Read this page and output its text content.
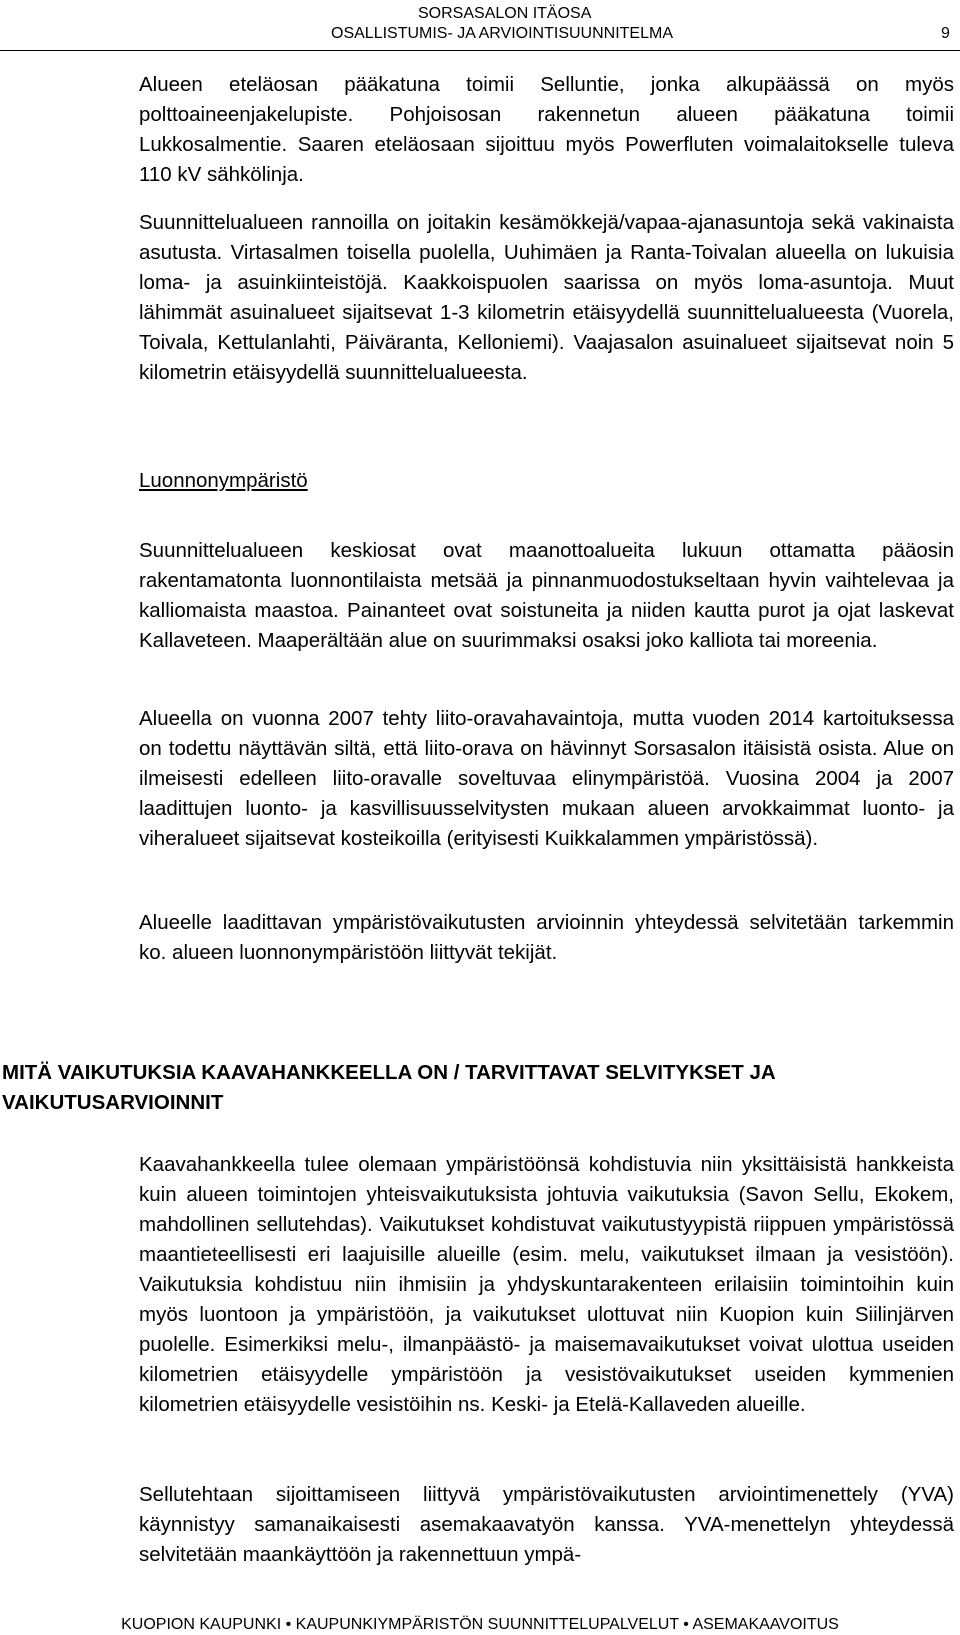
SORSASALON ITÄOSA
OSALLISTUMIS- JA ARVIOINTISUUNNITELMA	9

Alueen eteläosan pääkatuna toimii Selluntie, jonka alkupäässä on myös polttoaineenjakelupiste. Pohjoisosan rakennetun alueen pääkatuna toimii Lukkosalmentie. Saaren eteläosaan sijoittuu myös Powerfluten voimalaitokselle tuleva 110 kV sähkölinja.

Suunnittelualueen rannoilla on joitakin kesämökkejä/vapaa-ajanasuntoja sekä vakinaista asutusta. Virtasalmen toisella puolella, Uuhimäen ja Ranta-Toivalan alueella on lukuisia loma- ja asuinkiinteistöjä. Kaakkoispuolen saarissa on myös loma-asuntoja. Muut lähimmät asuinalueet sijaitsevat 1-3 kilometrin etäisyydellä suunnittelualueesta (Vuorela, Toivala, Kettulanlahti, Päiväranta, Kelloniemi). Vaajasalon asuinalueet sijaitsevat noin 5 kilometrin etäisyydellä suunnittelualueesta.

Luonnonympäristö

Suunnittelualueen keskiosat ovat maanottoalueita lukuun ottamatta pääosin rakentamatonta luonnontilaista metsää ja pinnanmuodostukseltaan hyvin vaihtelevaa ja kalliomaista maastoa. Painanteet ovat soistuneita ja niiden kautta purot ja ojat laskevat Kallaveteen. Maaperältään alue on suurimmaksi osaksi joko kalliota tai moreenia.

Alueella on vuonna 2007 tehty liito-oravahavaintoja, mutta vuoden 2014 kartoituksessa on todettu näyttävän siltä, että liito-orava on hävinnyt Sorsasalon itäisistä osista. Alue on ilmeisesti edelleen liito-oravalle soveltuvaa elinympäristöä. Vuosina 2004 ja 2007 laadittujen luonto- ja kasvillisuusselvitysten mukaan alueen arvokkaimmat luonto- ja viheralueet sijaitsevat kosteikoilla (erityisesti Kuikkalammen ympäristössä).

Alueelle laadittavan ympäristövaikutusten arvioinnin yhteydessä selvitetään tarkemmin ko. alueen luonnonympäristöön liittyvät tekijät.

MITÄ VAIKUTUKSIA KAAVAHANKKEELLA ON / TARVITTAVAT SELVITYKSET JA VAIKUTUSARVIOINNIT

Kaavahankkeella tulee olemaan ympäristöönsä kohdistuvia niin yksittäisistä hankkeista kuin alueen toimintojen yhteisvaikutuksista johtuvia vaikutuksia (Savon Sellu, Ekokem, mahdollinen sellutehdas). Vaikutukset kohdistuvat vaikutustyypistä riippuen ympäristössä maantieteellisesti eri laajuisille alueille (esim. melu, vaikutukset ilmaan ja vesistöön). Vaikutuksia kohdistuu niin ihmisiin ja yhdyskuntarakenteen erilaisiin toimintoihin kuin myös luontoon ja ympäristöön, ja vaikutukset ulottuvat niin Kuopion kuin Siilinjärven puolelle. Esimerkiksi melu-, ilmanpäästö- ja maisemavaikutukset voivat ulottua useiden kilometrien etäisyydelle ympäristöön ja vesistövaikutukset useiden kymmenien kilometrien etäisyydelle vesistöihin ns. Keski- ja Etelä-Kallaveden alueille.

Sellutehtaan sijoittamiseen liittyvä ympäristövaikutusten arviointimenettely (YVA) käynnistyy samanaikaisesti asemakaavatyön kanssa. YVA-menettelyn yhteydessä selvitetään maankäyttöön ja rakennettuun ympä-

KUOPION KAUPUNKI • KAUPUNKIYMPÄRISTÖN SUUNNITTELUPALVELUT • ASEMAKAAVOITUS
